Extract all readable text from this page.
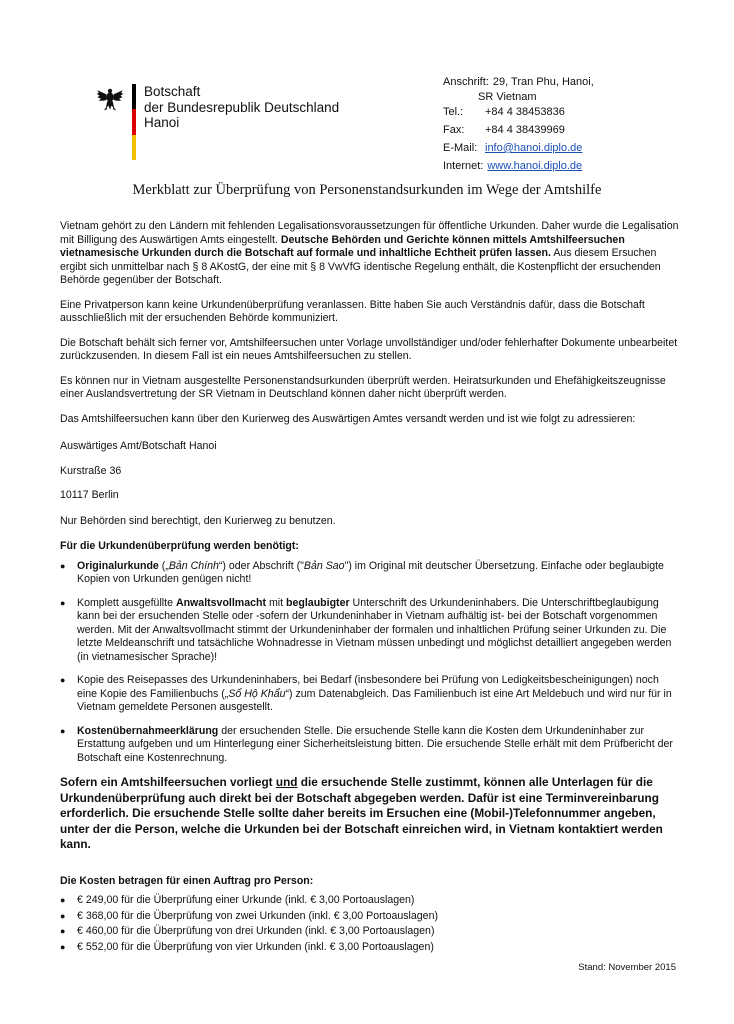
Botschaft
der Bundesrepublik Deutschland
Hanoi
Anschrift: 29, Tran Phu, Hanoi,
SR Vietnam
Tel.: +84 4 38453836
Fax: +84 4 38439969
E-Mail: info@hanoi.diplo.de
Internet: www.hanoi.diplo.de
Merkblatt zur Überprüfung von Personenstandsurkunden im Wege der Amtshilfe

Vietnam gehört zu den Ländern mit fehlenden Legalisationsvoraussetzungen für öffentliche Urkunden. Daher wurde die Legalisation mit Billigung des Auswärtigen Amts eingestellt. Deutsche Behörden und Gerichte können mittels Amtshilfeersuchen vietnamesische Urkunden durch die Botschaft auf formale und inhaltliche Echtheit prüfen lassen. Aus diesem Ersuchen ergibt sich unmittelbar nach § 8 AKostG, der eine mit § 8 VwVfG identische Regelung enthält, die Kostenpflicht der ersuchenden Behörde gegenüber der Botschaft.

Eine Privatperson kann keine Urkundenüberprüfung veranlassen. Bitte haben Sie auch Verständnis dafür, dass die Botschaft ausschließlich mit der ersuchenden Behörde kommuniziert.

Die Botschaft behält sich ferner vor, Amtshilfeersuchen unter Vorlage unvollständiger und/oder fehlerhafter Dokumente unbearbeitet zurückzusenden. In diesem Fall ist ein neues Amtshilfeersuchen zu stellen.

Es können nur in Vietnam ausgestellte Personenstandsurkunden überprüft werden. Heiratsurkunden und Ehefähigkeitszeugnisse einer Auslandsvertretung der SR Vietnam in Deutschland können daher nicht überprüft werden.

Das Amtshilfeersuchen kann über den Kurierweg des Auswärtigen Amtes versandt werden und ist wie folgt zu adressieren:

Auswärtiges Amt/Botschaft Hanoi

Kurstraße 36

10117 Berlin

Nur Behörden sind berechtigt, den Kurierweg zu benutzen.

Für die Urkundenüberprüfung werden benötigt:

● Originalurkunde („Bản Chính“) oder Abschrift ("Bản Sao") im Original mit deutscher Übersetzung. Einfache oder beglaubigte Kopien von Urkunden genügen nicht!
● Komplett ausgefüllte Anwaltsvollmacht mit beglaubigter Unterschrift des Urkundeninhabers. Die Unterschriftbeglaubigung kann bei der ersuchenden Stelle oder -sofern der Urkundeninhaber in Vietnam aufhältig ist- bei der Botschaft vorgenommen werden. Mit der Anwaltsvollmacht stimmt der Urkundeninhaber der formalen und inhaltlichen Prüfung seiner Urkunden zu. Die letzte Meldeanschrift und tatsächliche Wohnadresse in Vietnam müssen unbedingt und möglichst detailliert angegeben werden (in vietnamesischer Sprache)!
● Kopie des Reisepasses des Urkundeninhabers, bei Bedarf (insbesondere bei Prüfung von Ledigkeitsbescheinigungen) noch eine Kopie des Familienbuchs („Sổ Hộ Khẩu“) zum Datenabgleich. Das Familienbuch ist eine Art Meldebuch und wird nur für in Vietnam gemeldete Personen ausgestellt.
● Kostenübernahmeerklärung der ersuchenden Stelle. Die ersuchende Stelle kann die Kosten dem Urkundeninhaber zur Erstattung aufgeben und um Hinterlegung einer Sicherheitsleistung bitten. Die ersuchende Stelle erhält mit dem Prüfbericht der Botschaft eine Kostenrechnung.
Sofern ein Amtshilfeersuchen vorliegt und die ersuchende Stelle zustimmt, können alle Unterlagen für die Urkundenüberprüfung auch direkt bei der Botschaft abgegeben werden. Dafür ist eine Terminvereinbarung erforderlich. Die ersuchende Stelle sollte daher bereits im Ersuchen eine (Mobil-)Telefonnummer angeben, unter der die Person, welche die Urkunden bei der Botschaft einreichen wird, in Vietnam kontaktiert werden kann.

Die Kosten betragen für einen Auftrag pro Person:

● € 249,00 für die Überprüfung einer Urkunde (inkl. € 3,00 Portoauslagen)
● € 368,00 für die Überprüfung von zwei Urkunden (inkl. € 3,00 Portoauslagen)
● € 460,00 für die Überprüfung von drei Urkunden (inkl. € 3,00 Portoauslagen)
● € 552,00 für die Überprüfung von vier Urkunden (inkl. € 3,00 Portoauslagen)
Stand: November 2015
